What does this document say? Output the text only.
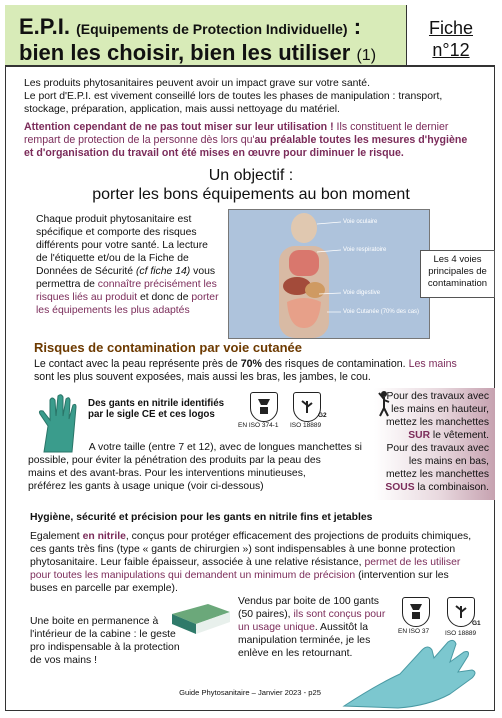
E.P.I. (Equipements de Protection Individuelle) :
bien les choisir, bien les utiliser (1)
Fiche
n°12
Les produits phytosanitaires peuvent avoir un impact grave sur votre santé.
Le port d'E.P.I. est vivement conseillé lors de toutes les phases de manipulation : transport,
stockage, préparation, application, mais aussi nettoyage du matériel.
Attention cependant de ne pas tout miser sur leur utilisation ! Ils constituent le dernier
rempart de protection de la personne dès lors qu'au préalable toutes les mesures d'hygiène
et d'organisation du travail ont été mises en œuvre pour diminuer le risque.
Un objectif :
porter les bons équipements au bon moment
Chaque produit phytosanitaire est
spécifique et comporte des risques
différents pour votre santé. La lecture
de l'étiquette et/ou de la Fiche de
Données de Sécurité (cf fiche 14) vous
permettra de connaître précisément les
risques liés au produit et donc de porter
les équipements les plus adaptés
Voie oculaire
Voie respiratoire
Voie digestive
Voie Cutanée (70% des cas)
Les 4 voies
principales de
contamination
Risques de contamination par voie cutanée
Le contact avec la peau représente près de 70% des risques de contamination. Les mains
sont les plus souvent exposées, mais aussi les bras, les jambes, le cou.
Des gants en nitrile identifiés
par le sigle CE et ces logos
EN ISO 374-1
G2
ISO 18889
A votre taille (entre 7 et 12), avec de longues manchettes si
possible, pour éviter la pénétration des produits par la peau des
mains et des avant-bras. Pour les interventions minutieuses,
préférez les gants à usage unique (voir ci-dessous)
Pour des travaux avec
les mains en hauteur,
mettez les manchettes
SUR le vêtement.
Pour des travaux avec
les mains en bas,
mettez les manchettes
SOUS la combinaison.
Hygiène, sécurité et précision pour les gants en nitrile fins et jetables
Egalement en nitrile, conçus pour protéger efficacement des projections de produits chimiques,
ces gants très fins (type « gants de chirurgien ») sont indispensables à une bonne protection
phytosanitaire. Leur faible épaisseur, associée à une relative résistance, permet de les utiliser
pour toutes les manipulations qui demandent un minimum de précision (intervention sur les
buses en parcelle par exemple).
Une boite en permanence à
l'intérieur de la cabine : le geste
pro indispensable à la protection
de vos mains !
Vendus par boite de 100 gants
(50 paires), ils sont conçus pour
un usage unique. Aussitôt la
manipulation terminée, je les
enlève en les retournant.
EN ISO 37
G1
ISO 18889
Guide Phytosanitaire – Janvier 2023 - p25
